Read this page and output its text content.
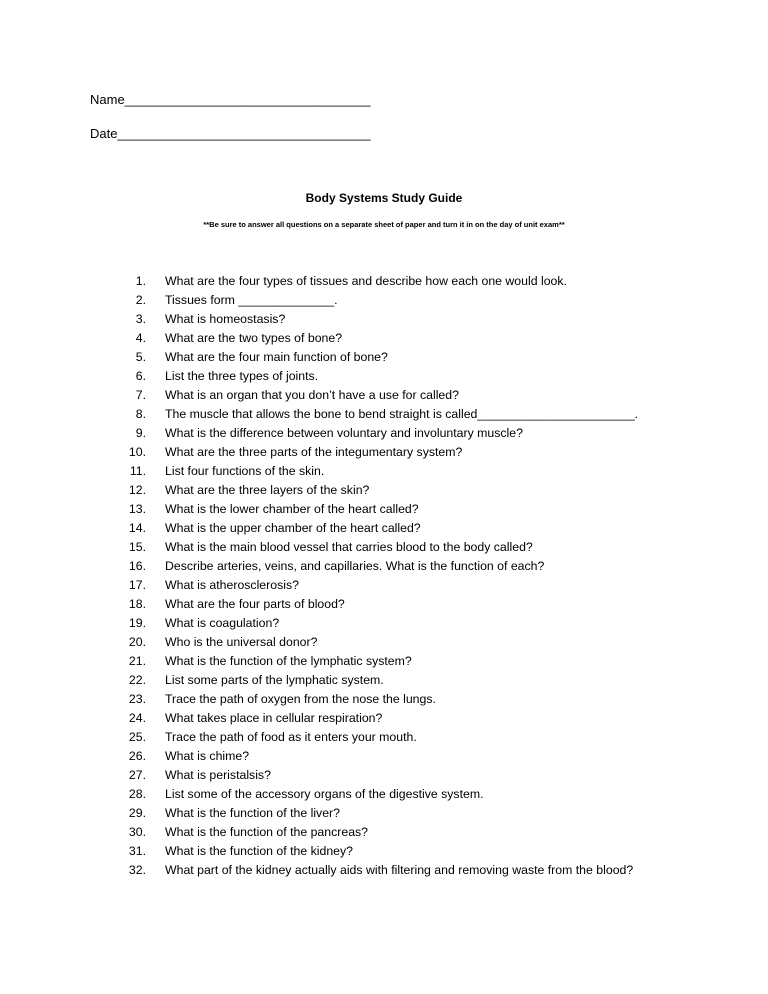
Name__________________________________
Date___________________________________
Body Systems Study Guide
**Be sure to answer all questions on a separate sheet of paper and turn it in on the day of unit exam**
1.	What are the four types of tissues and describe how each one would look.
2.	Tissues form ______________.
3.	What is homeostasis?
4.	What are the two types of bone?
5.	What are the four main function of bone?
6.	List the three types of joints.
7.	What is an organ that you don’t have a use for called?
8.	The muscle that allows the bone to bend straight is called_______________________.
9.	What is the difference between voluntary and involuntary muscle?
10.	What are the three parts of the integumentary system?
11.	List four functions of the skin.
12.	What are the three layers of the skin?
13.	What is the lower chamber of the heart called?
14.	What is the upper chamber of the heart called?
15.	What is the main blood vessel that carries blood to the body called?
16.	Describe arteries, veins, and capillaries. What is the function of each?
17.	What is atherosclerosis?
18.	What are the four parts of blood?
19.	What is coagulation?
20.	Who is the universal donor?
21.	What is the function of the lymphatic system?
22.	List some parts of the lymphatic system.
23.	Trace the path of oxygen from the nose the lungs.
24.	What takes place in cellular respiration?
25.	Trace the path of food as it enters your mouth.
26.	What is chime?
27.	What is peristalsis?
28.	List some of the accessory organs of the digestive system.
29.	What is the function of the liver?
30.	What is the function of the pancreas?
31.	What is the function of the kidney?
32.	What part of the kidney actually aids with filtering and removing waste from the blood?
